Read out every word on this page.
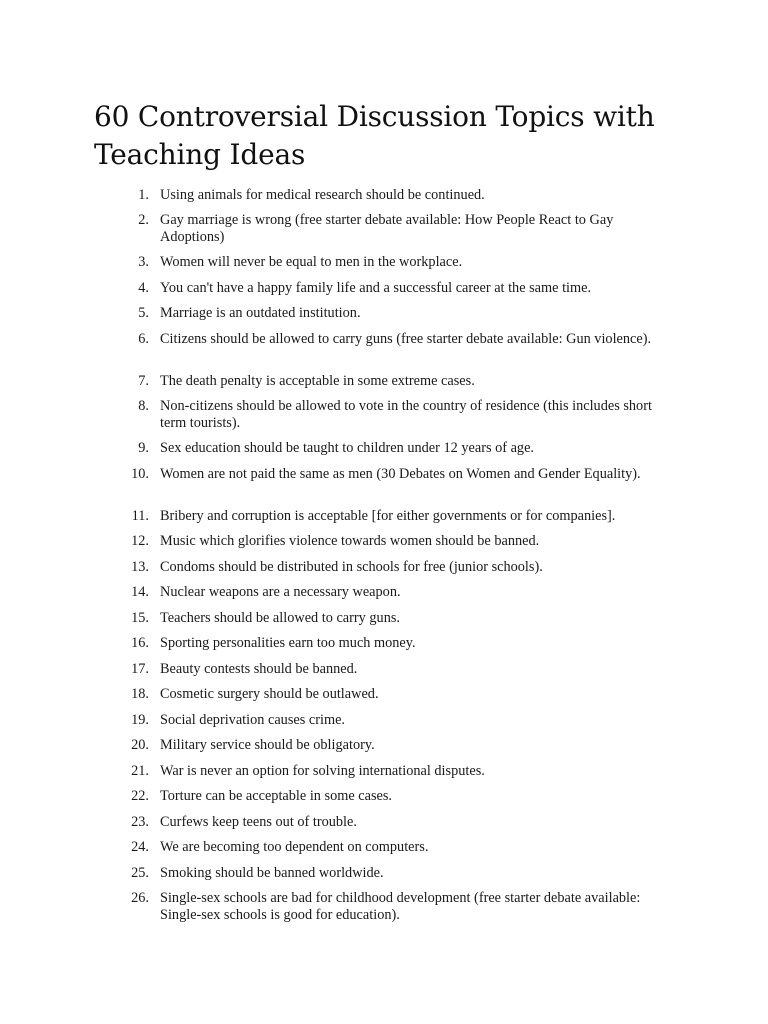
60 Controversial Discussion Topics with Teaching Ideas
1. Using animals for medical research should be continued.
2. Gay marriage is wrong (free starter debate available: How People React to Gay Adoptions)
3. Women will never be equal to men in the workplace.
4. You can't have a happy family life and a successful career at the same time.
5. Marriage is an outdated institution.
6. Citizens should be allowed to carry guns (free starter debate available: Gun violence).
7. The death penalty is acceptable in some extreme cases.
8. Non-citizens should be allowed to vote in the country of residence (this includes short term tourists).
9. Sex education should be taught to children under 12 years of age.
10. Women are not paid the same as men (30 Debates on Women and Gender Equality).
11. Bribery and corruption is acceptable [for either governments or for companies].
12. Music which glorifies violence towards women should be banned.
13. Condoms should be distributed in schools for free (junior schools).
14. Nuclear weapons are a necessary weapon.
15. Teachers should be allowed to carry guns.
16. Sporting personalities earn too much money.
17. Beauty contests should be banned.
18. Cosmetic surgery should be outlawed.
19. Social deprivation causes crime.
20. Military service should be obligatory.
21. War is never an option for solving international disputes.
22. Torture can be acceptable in some cases.
23. Curfews keep teens out of trouble.
24. We are becoming too dependent on computers.
25. Smoking should be banned worldwide.
26. Single-sex schools are bad for childhood development (free starter debate available: Single-sex schools is good for education).
